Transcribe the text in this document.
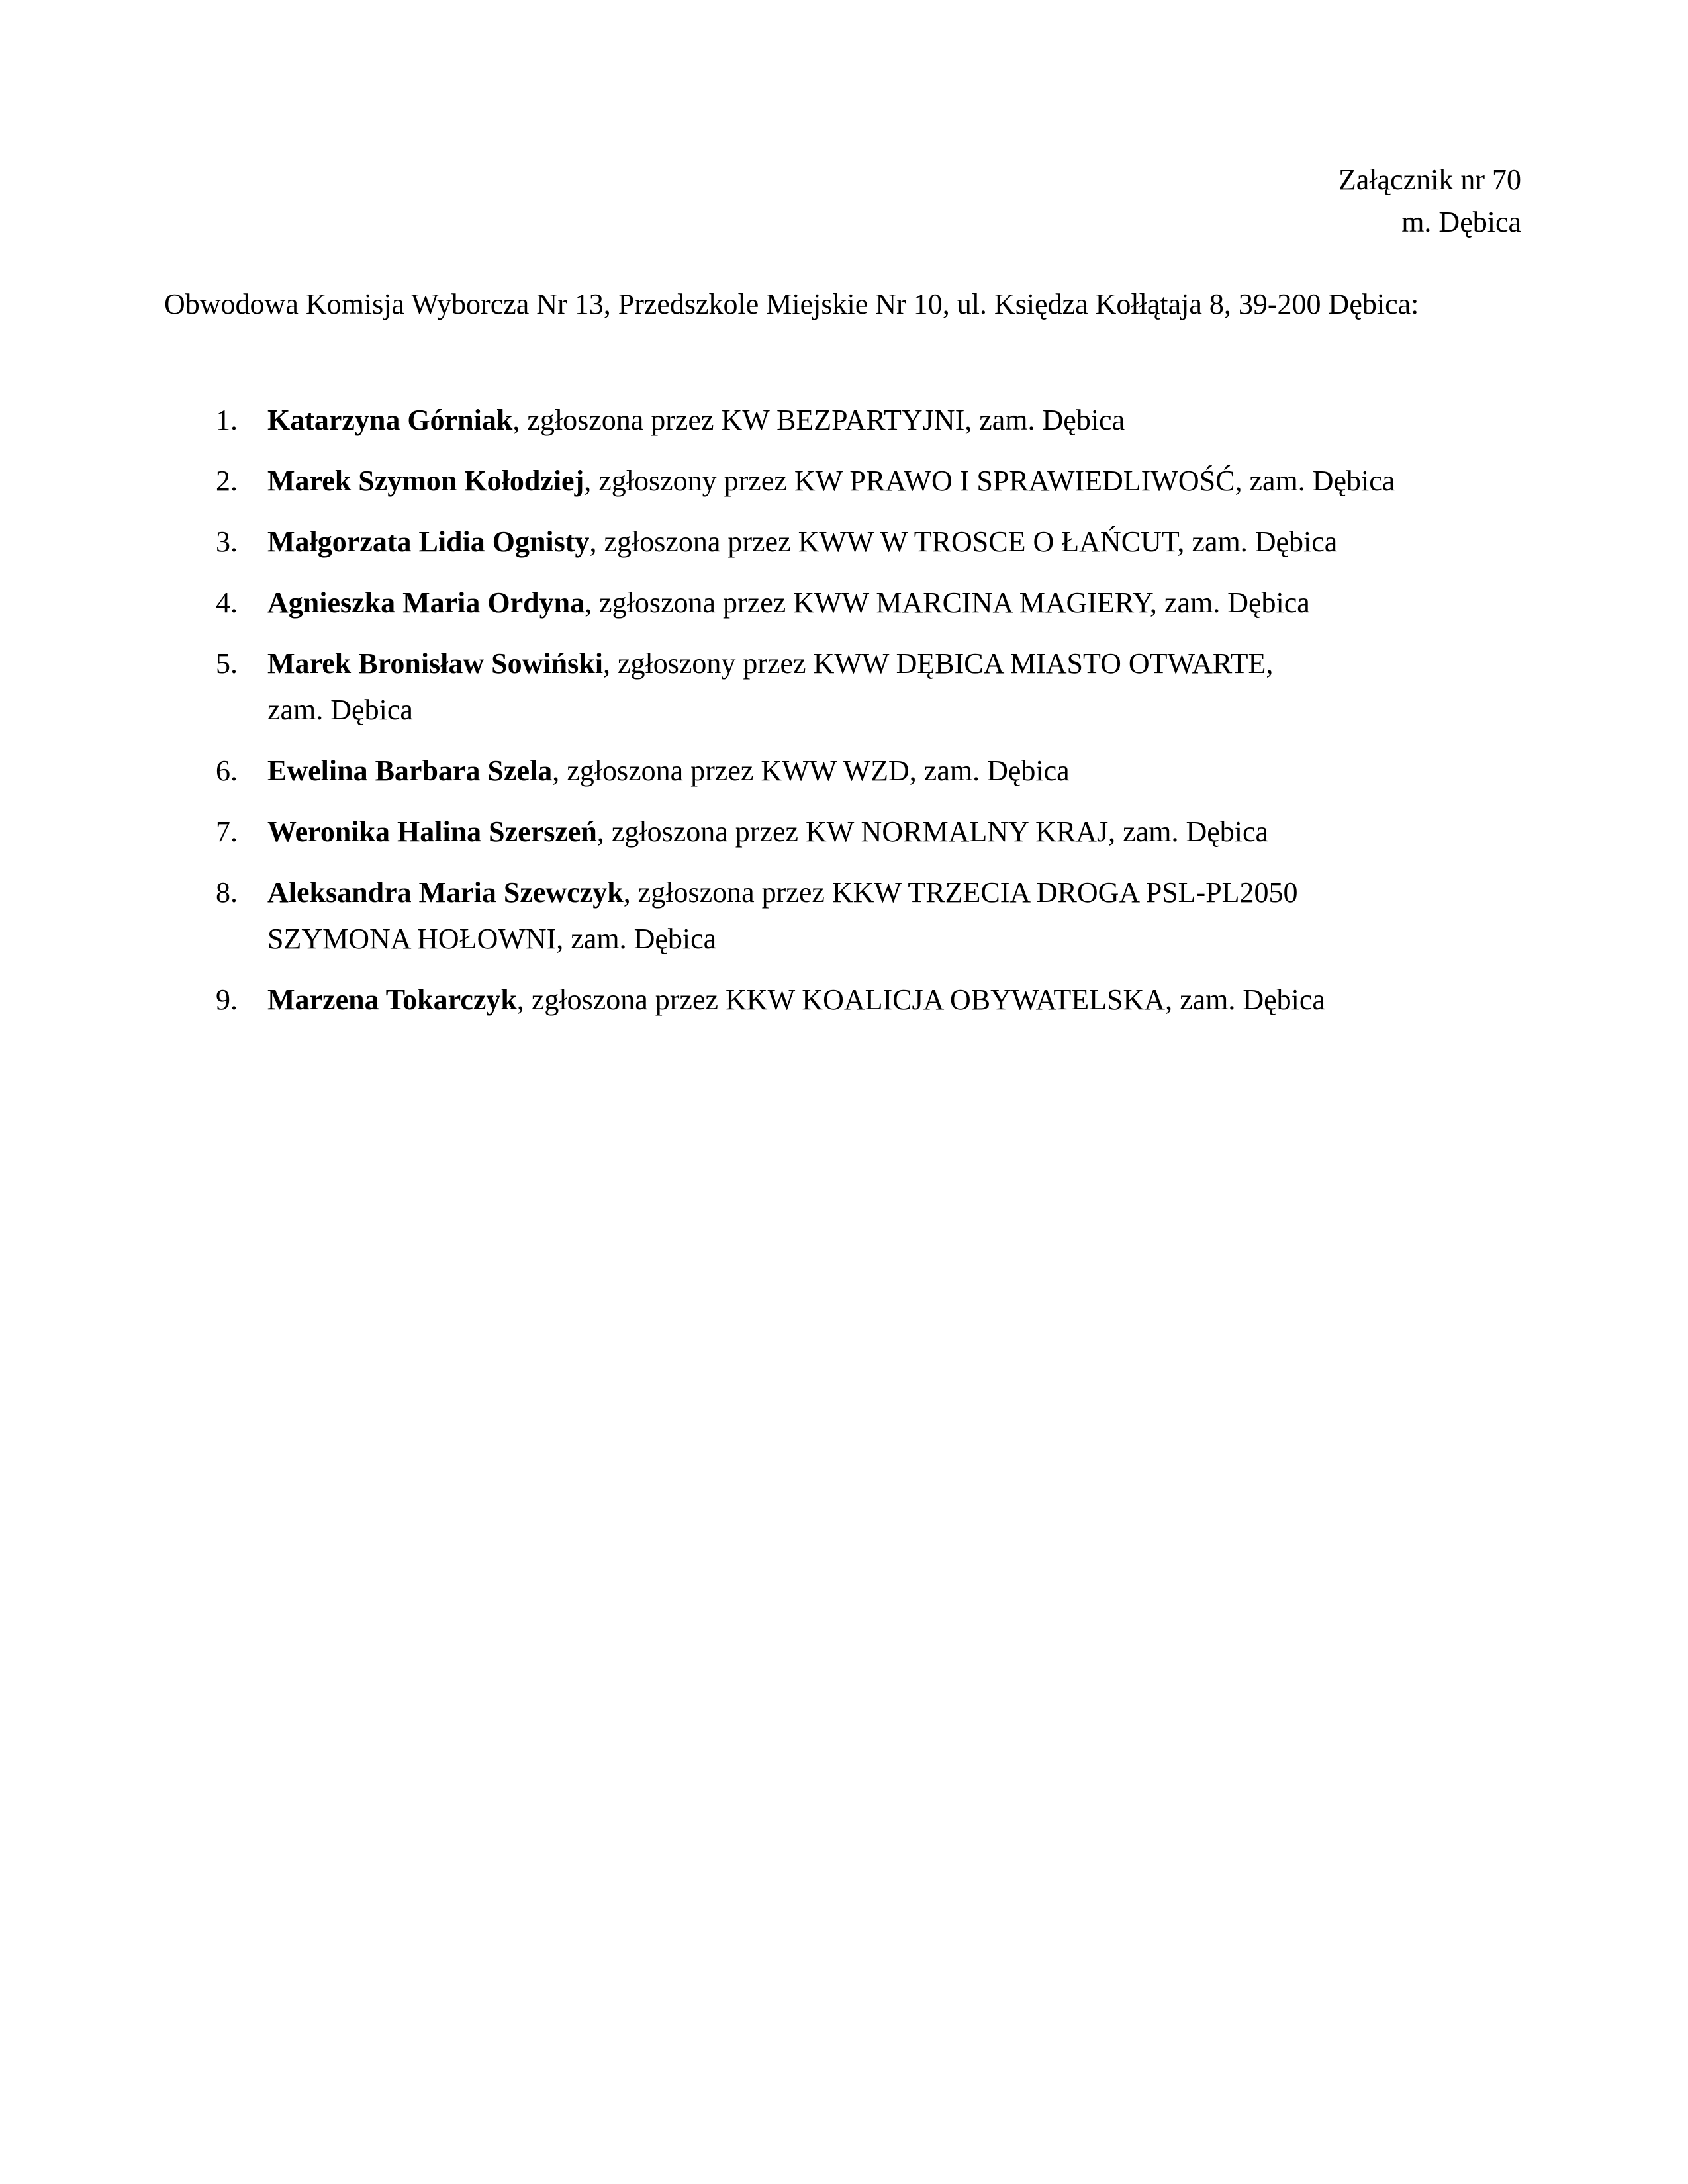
Załącznik nr 70
m. Dębica
Obwodowa Komisja Wyborcza Nr 13, Przedszkole Miejskie Nr 10, ul. Księdza Kołłątaja 8, 39-200 Dębica:
1.	Katarzyna Górniak, zgłoszona przez KW BEZPARTYJNI, zam. Dębica
2.	Marek Szymon Kołodziej, zgłoszony przez KW PRAWO I SPRAWIEDLIWOŚĆ, zam. Dębica
3.	Małgorzata Lidia Ognisty, zgłoszona przez KWW W TROSCE O ŁAŃCUT, zam. Dębica
4.	Agnieszka Maria Ordyna, zgłoszona przez KWW MARCINA MAGIERY, zam. Dębica
5.	Marek Bronisław Sowiński, zgłoszony przez KWW DĘBICA MIASTO OTWARTE,
zam. Dębica
6.	Ewelina Barbara Szela, zgłoszona przez KWW WZD, zam. Dębica
7.	Weronika Halina Szerszeń, zgłoszona przez KW NORMALNY KRAJ, zam. Dębica
8.	Aleksandra Maria Szewczyk, zgłoszona przez KKW TRZECIA DROGA PSL-PL2050
SZYMONA HOŁOWNI, zam. Dębica
9.	Marzena Tokarczyk, zgłoszona przez KKW KOALICJA OBYWATELSKA, zam. Dębica
